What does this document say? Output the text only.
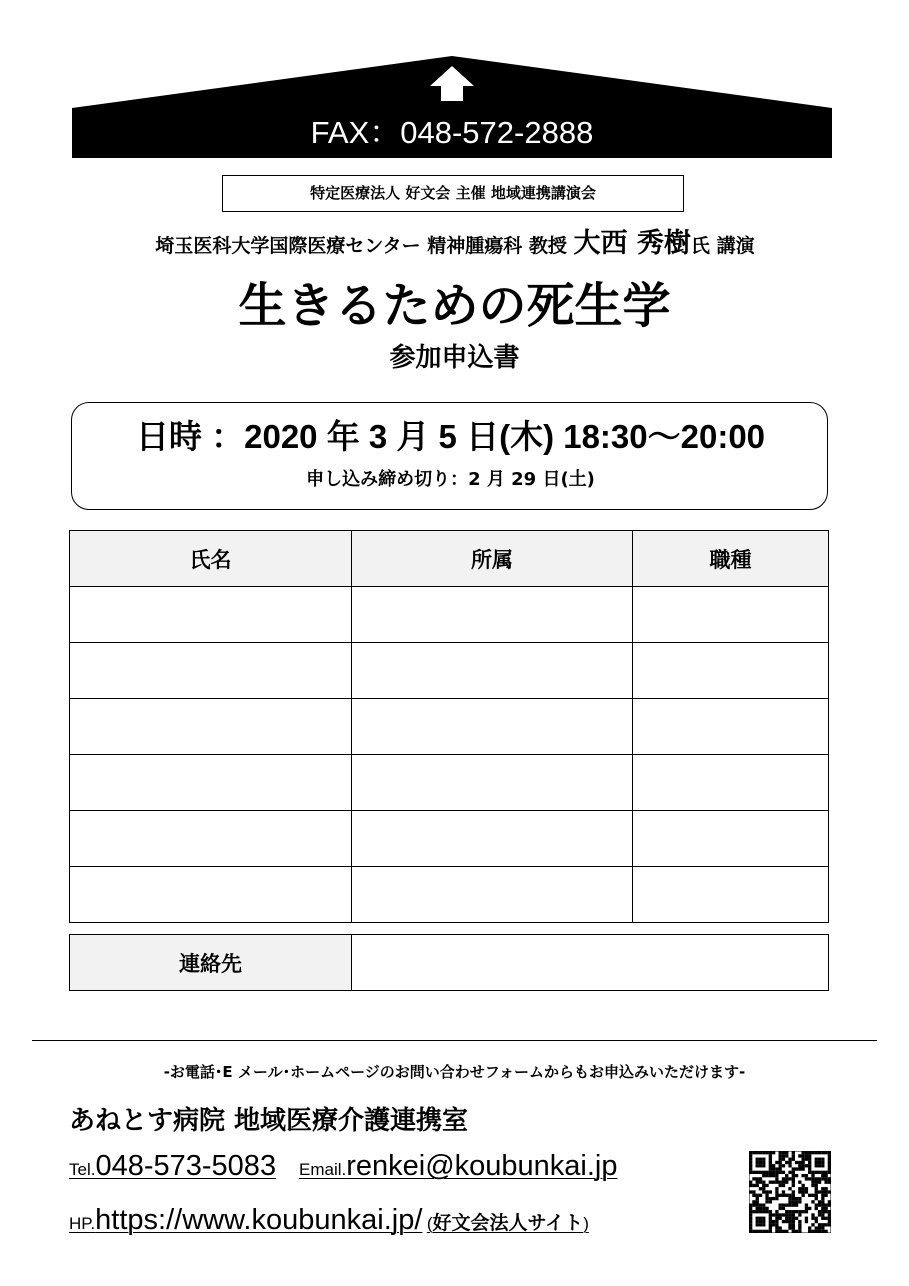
FAX：048-572-2888
特定医療法人 好文会 主催 地域連携講演会
埼玉医科大学国際医療センター 精神腫瘍科 教授 大西 秀樹氏 講演
生きるための死生学
参加申込書
日時 ：2020 年 3 月 5 日(木) 18:30～20:00
申し込み締め切り：2 月 29 日(土)
氏名	所属	職種

連絡先	
-お電話･E メール･ホームページのお問い合わせフォームからもお申込みいただけます-
あねとす病院 地域医療介護連携室
Tel.048-573-5083 Email.renkei@koubunkai.jp
HP.https://www.koubunkai.jp/ (好文会法人サイト)
